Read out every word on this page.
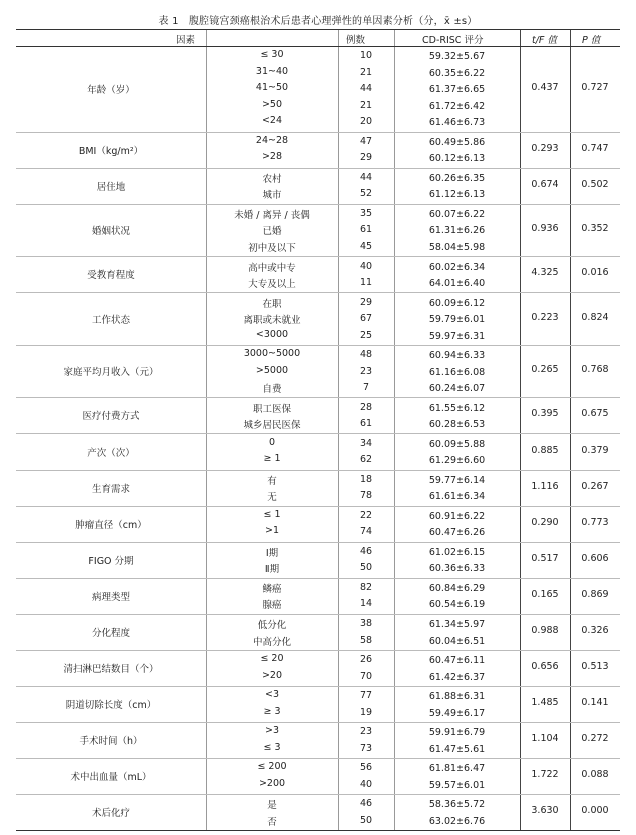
表 1　腹腔镜宫颈癌根治术后患者心理弹性的单因素分析（分，x̄ ±s）
因素	例数	CD-RISC 评分	t/F 值	P 值
年龄（岁）	0.437	0.727
≤ 30	10	59.32±5.67
31~40	21	60.35±6.22
41~50	44	61.37±6.65
>50	21	61.72±6.42
<24	20	61.46±6.73
BMI（kg/m²）	0.293	0.747
24~28	47	60.49±5.86
>28	29	60.12±6.13
居住地	0.674	0.502
农村	44	60.26±6.35
城市	52	61.12±6.13
婚姻状况	0.936	0.352
未婚 / 离异 / 丧偶	35	60.07±6.22
已婚	61	61.31±6.26
初中及以下	45	58.04±5.98
受教育程度	4.325	0.016
高中或中专	40	60.02±6.34
大专及以上	11	64.01±6.40
工作状态	0.223	0.824
在职	29	60.09±6.12
离职或未就业	67	59.79±6.01
<3000	25	59.97±6.31
家庭平均月收入（元）	0.265	0.768
3000~5000	48	60.94±6.33
>5000	23	61.16±6.08
自费	7	60.24±6.07
医疗付费方式	0.395	0.675
职工医保	28	61.55±6.12
城乡居民医保	61	60.28±6.53
产次（次）	0.885	0.379
0	34	60.09±5.88
≥ 1	62	61.29±6.60
生育需求	1.116	0.267
有	18	59.77±6.14
无	78	61.61±6.34
肿瘤直径（cm）	0.290	0.773
≤ 1	22	60.91±6.22
>1	74	60.47±6.26
FIGO 分期	0.517	0.606
Ⅰ期	46	61.02±6.15
Ⅱ期	50	60.36±6.33
病理类型	0.165	0.869
鳞癌	82	60.84±6.29
腺癌	14	60.54±6.19
分化程度	0.988	0.326
低分化	38	61.34±5.97
中高分化	58	60.04±6.51
清扫淋巴结数目（个）	0.656	0.513
≤ 20	26	60.47±6.11
>20	70	61.42±6.37
阴道切除长度（cm）	1.485	0.141
<3	77	61.88±6.31
≥ 3	19	59.49±6.17
手术时间（h）	1.104	0.272
>3	23	59.91±6.79
≤ 3	73	61.47±5.61
术中出血量（mL）	1.722	0.088
≤ 200	56	61.81±6.47
>200	40	59.57±6.01
术后化疗	3.630	0.000
是	46	58.36±5.72
否	50	63.02±6.76
